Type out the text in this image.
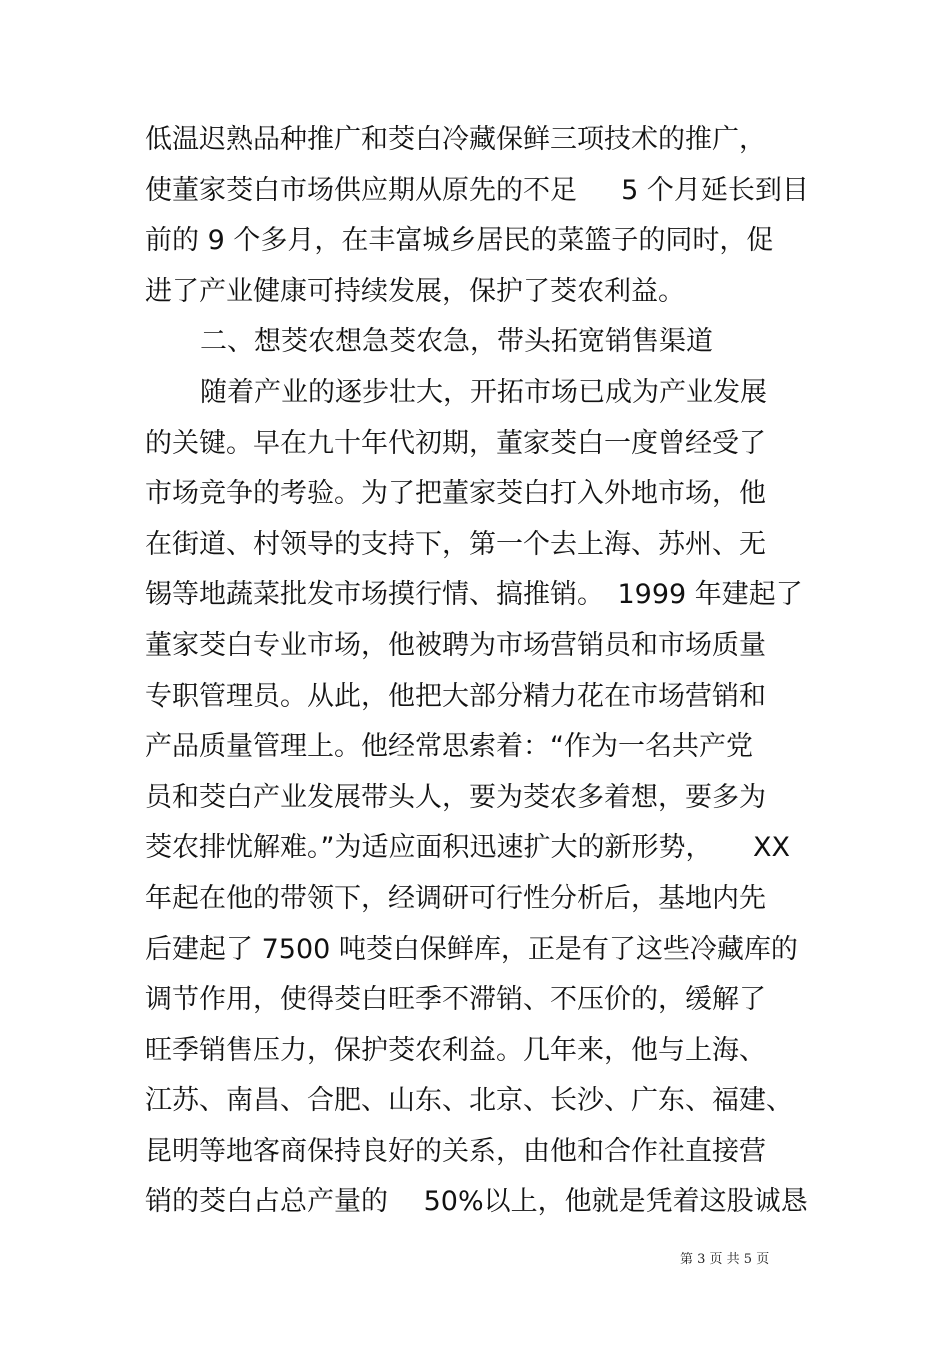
低温迟熟品种推广和茭白冷藏保鲜三项技术的推广，
使董家茭白市场供应期从原先的不足　  5 个月延长到目
前的 9 个多月，在丰富城乡居民的菜篮子的同时，促
进了产业健康可持续发展，保护了茭农利益。
二、想茭农想急茭农急，带头拓宽销售渠道
随着产业的逐步壮大，开拓市场已成为产业发展
的关键。早在九十年代初期，董家茭白一度曾经受了
市场竞争的考验。为了把董家茭白打入外地市场，他
在街道、村领导的支持下，第一个去上海、苏州、无
锡等地蔬菜批发市场摸行情、搞推销。　1999 年建起了
董家茭白专业市场，他被聘为市场营销员和市场质量
专职管理员。从此，他把大部分精力花在市场营销和
产品质量管理上。他经常思索着：“作为一名共产党
员和茭白产业发展带头人，要为茭农多着想，要多为
茭农排忧解难。”为适应面积迅速扩大的新形势，　　XX
年起在他的带领下，经调研可行性分析后，基地内先
后建起了 7500 吨茭白保鲜库，正是有了这些冷藏库的
调节作用，使得茭白旺季不滞销、不压价的，缓解了
旺季销售压力，保护茭农利益。几年来，他与上海、
江苏、南昌、合肥、山东、北京、长沙、广东、福建、
昆明等地客商保持良好的关系，由他和合作社直接营
销的茭白占总产量的　 50%以上，他就是凭着这股诚恳
第 3 页 共 5 页
